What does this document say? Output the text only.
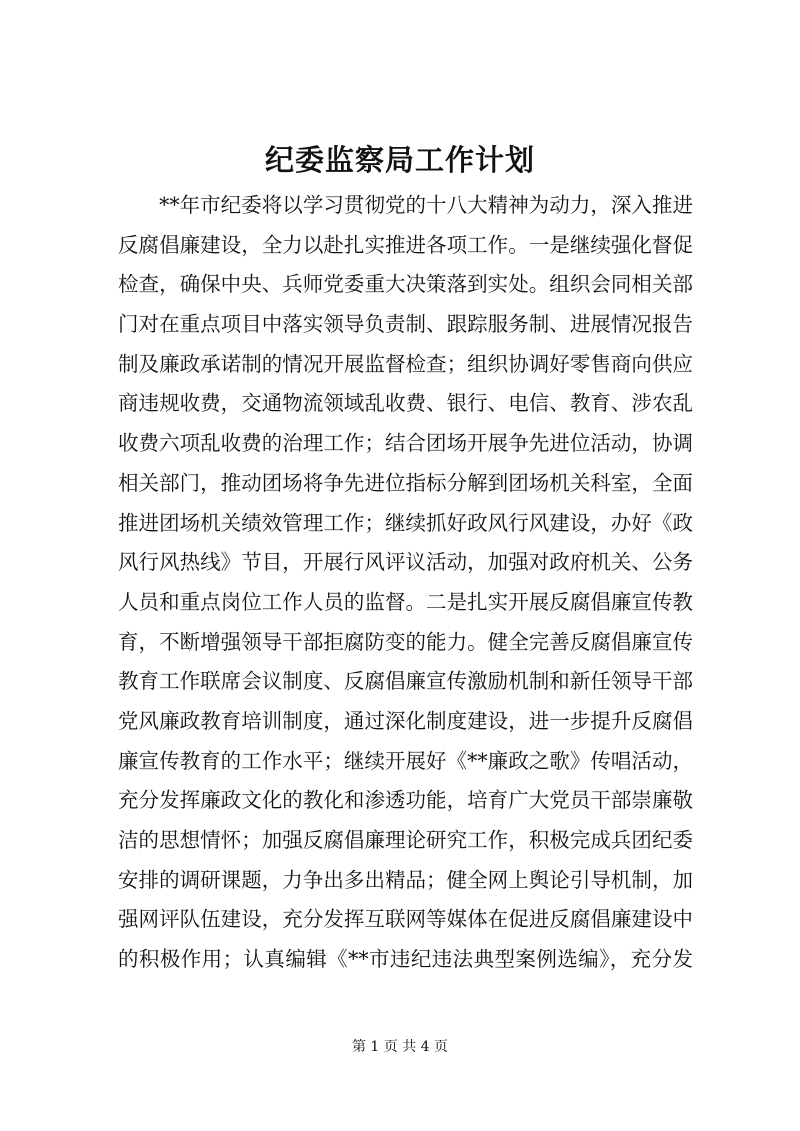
纪委监察局工作计划
　　**年市纪委将以学习贯彻党的十八大精神为动力，深入推进
反腐倡廉建设，全力以赴扎实推进各项工作。一是继续强化督促
检查，确保中央、兵师党委重大决策落到实处。组织会同相关部
门对在重点项目中落实领导负责制、跟踪服务制、进展情况报告
制及廉政承诺制的情况开展监督检查；组织协调好零售商向供应
商违规收费，交通物流领域乱收费、银行、电信、教育、涉农乱
收费六项乱收费的治理工作；结合团场开展争先进位活动，协调
相关部门，推动团场将争先进位指标分解到团场机关科室，全面
推进团场机关绩效管理工作；继续抓好政风行风建设，办好《政
风行风热线》节目，开展行风评议活动，加强对政府机关、公务
人员和重点岗位工作人员的监督。二是扎实开展反腐倡廉宣传教
育，不断增强领导干部拒腐防变的能力。健全完善反腐倡廉宣传
教育工作联席会议制度、反腐倡廉宣传激励机制和新任领导干部
党风廉政教育培训制度，通过深化制度建设，进一步提升反腐倡
廉宣传教育的工作水平；继续开展好《**廉政之歌》传唱活动，
充分发挥廉政文化的教化和渗透功能，培育广大党员干部崇廉敬
洁的思想情怀；加强反腐倡廉理论研究工作，积极完成兵团纪委
安排的调研课题，力争出多出精品；健全网上舆论引导机制，加
强网评队伍建设，充分发挥互联网等媒体在促进反腐倡廉建设中
的积极作用；认真编辑《**市违纪违法典型案例选编》，充分发
第 1 页 共 4 页
